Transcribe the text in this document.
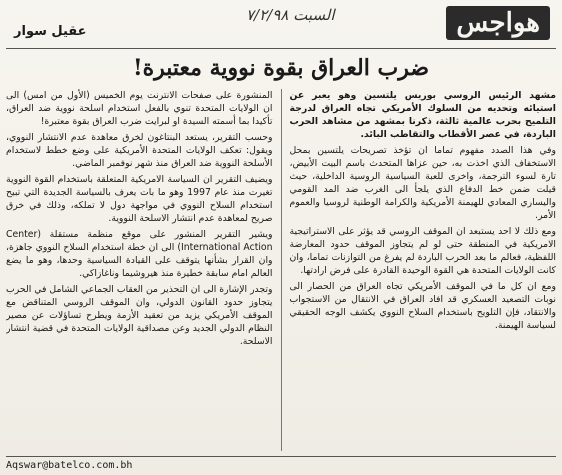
هواجس
السبت ٧/٢/٩٨
عقيل سوار
ضرب العراق بقوة نووية معتبرة!

مشهد الرئيس الروسي بوريس يلتسين وهو يعبر عن استيائه وتحديه من السلوك الأمريكي تجاه العراق لدرجة التلميح بحرب عالمية ثالثة، ذكرنا بمشهد من مشاهد الحرب الباردة، في عصر الأقطاب والتقاطب البائد.

وفي هذا الصدد مفهوم تماما ان تؤخذ تصريحات يلتسين بمحل الاستخفاف الذي اخذت به، حين عزاها المتحدث باسم البيت الأبيض، تارة لسوء الترجمة، واخرى للعبة السياسية الروسية الداخلية، حيث قيلت ضمن خط الدفاع الذي يلجأ الى الغرب ضد المد القومي واليساري المعادي للهيمنة الأمريكية والكرامة الوطنية لروسيا والعموم الأمر.

ومع ذلك لا احد يستبعد ان الموقف الروسي قد يؤثر على الاستراتيجية الامريكية في المنطقة حتى لو لم يتجاوز الموقف حدود المعارضة اللفظية، فعالم ما بعد الحرب الباردة لم يفرغ من التوازنات تماما، وان كانت الولايات المتحدة هي القوة الوحيدة القادرة على فرض ارادتها.

ومع ان كل ما في الموقف الأمريكي تجاه العراق من الحصار الى نوبات التصعيد العسكري قد افاد العراق في الانتقال من الاستجواب والانتقاد، فإن التلويح باستخدام السلاح النووي يكشف الوجه الحقيقي لسياسة الهيمنة.

المنشورة على صفحات الانترنت يوم الخميس (الأول من امس) الى ان الولايات المتحدة تنوي بالفعل استخدام اسلحة نووية ضد العراق، تأكيدا بما أسمته السيدة او لبرايت ضرب العراق بقوة معتبرة!

وحسب التقرير، يستعد البنتاغون لخرق معاهدة عدم الانتشار النووي، ويقول: تعكف الولايات المتحدة الأمريكية على وضع خطط لاستخدام الأسلحة النووية ضد العراق منذ شهر نوفمبر الماضي.

ويضيف التقرير ان السياسة الامريكية المتعلقة باستخدام القوة النووية تغيرت منذ عام 1997 وهو ما بات يعرف بالسياسة الجديدة التي تبيح استخدام السلاح النووي في مواجهة دول لا تملكه، وذلك في خرق صريح لمعاهدة عدم انتشار الاسلحة النووية.

ويشير التقرير المنشور على موقع منظمة مستقلة (Center International Action) الى ان خطة استخدام السلاح النووي جاهزة، وان القرار بشأنها يتوقف على القيادة السياسية وحدها، وهو ما يضع العالم امام سابقة خطيرة منذ هيروشيما وناغازاكي.

وتجدر الإشارة الى ان التحذير من العقاب الجماعي الشامل في الحرب يتجاوز حدود القانون الدولي، وان الموقف الروسي المتناقض مع الموقف الأمريكي يزيد من تعقيد الأزمة ويطرح تساؤلات عن مصير النظام الدولي الجديد وعن مصداقية الولايات المتحدة في قضية انتشار الاسلحة.

Aqswar@batelco.com.bh
